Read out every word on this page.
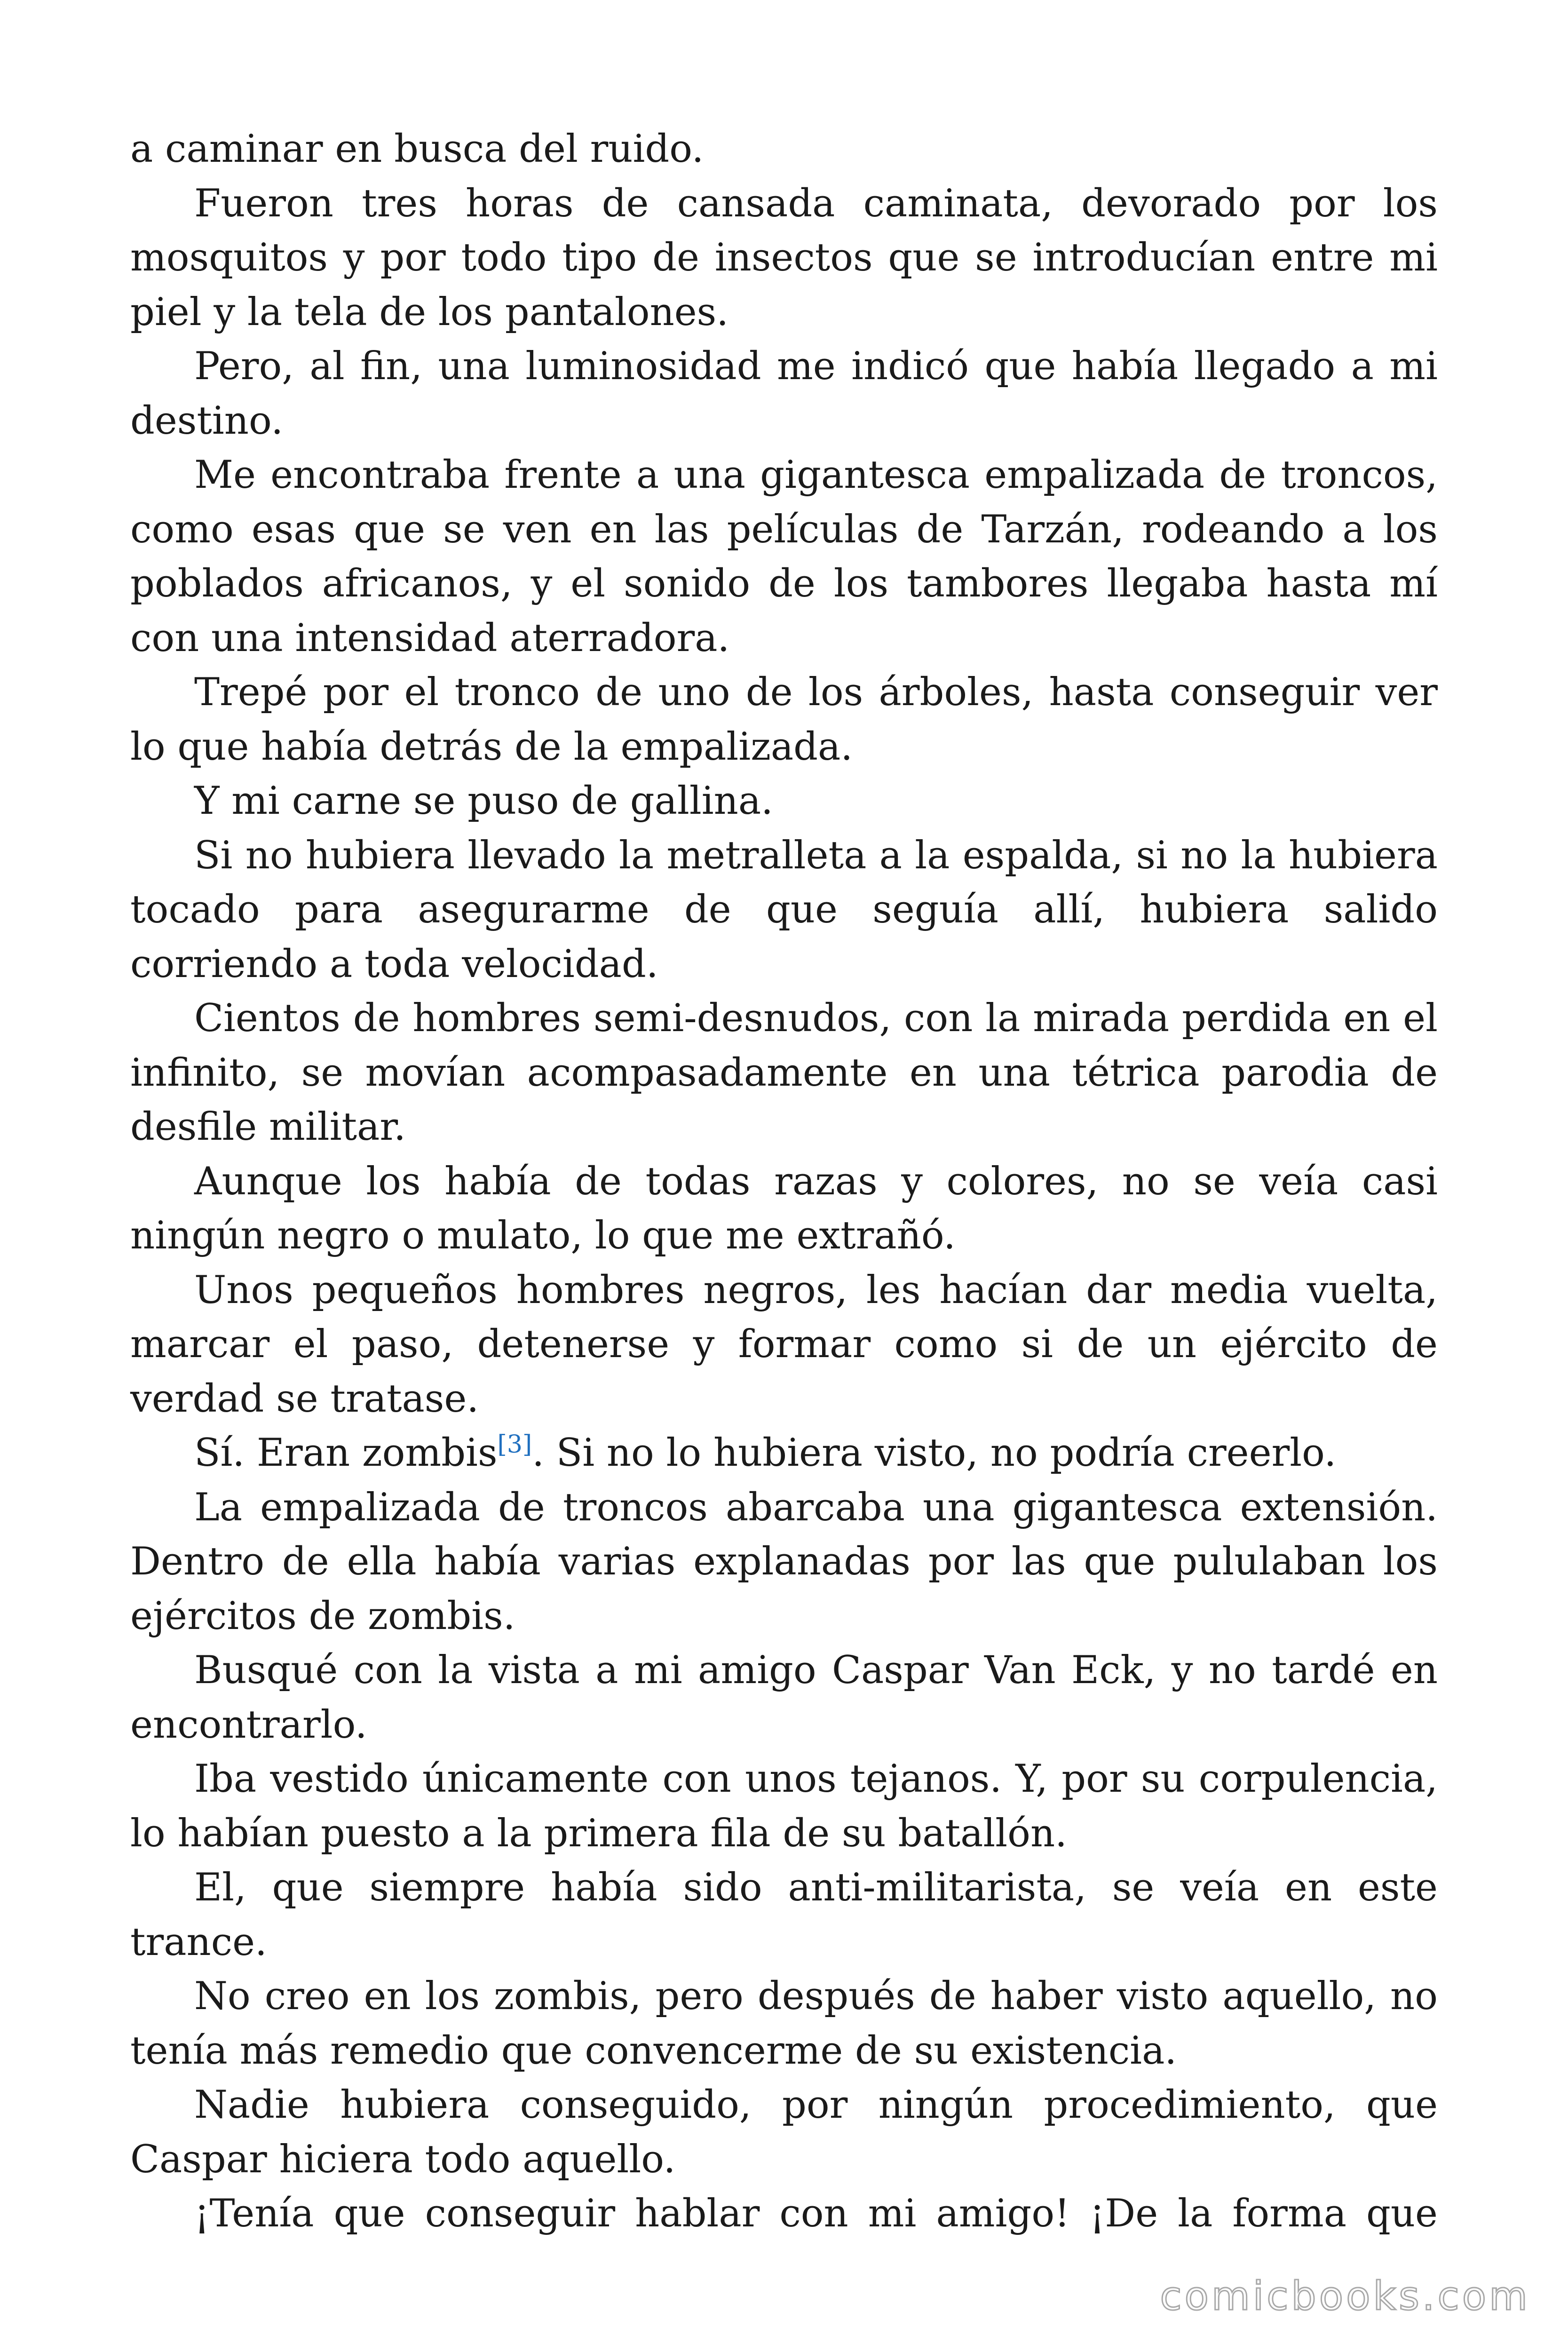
a caminar en busca del ruido.

Fueron tres horas de cansada caminata, devorado por los mosquitos y por todo tipo de insectos que se introducían entre mi piel y la tela de los pantalones.

Pero, al fin, una luminosidad me indicó que había llegado a mi destino.

Me encontraba frente a una gigantesca empalizada de troncos, como esas que se ven en las películas de Tarzán, rodeando a los poblados africanos, y el sonido de los tambores llegaba hasta mí con una intensidad aterradora.

Trepé por el tronco de uno de los árboles, hasta conseguir ver lo que había detrás de la empalizada.

Y mi carne se puso de gallina.

Si no hubiera llevado la metralleta a la espalda, si no la hubiera tocado para asegurarme de que seguía allí, hubiera salido corriendo a toda velocidad.

Cientos de hombres semi-desnudos, con la mirada perdida en el infinito, se movían acompasadamente en una tétrica parodia de desfile militar.

Aunque los había de todas razas y colores, no se veía casi ningún negro o mulato, lo que me extrañó.

Unos pequeños hombres negros, les hacían dar media vuelta, marcar el paso, detenerse y formar como si de un ejército de verdad se tratase.

Sí. Eran zombis[3]. Si no lo hubiera visto, no podría creerlo.

La empalizada de troncos abarcaba una gigantesca extensión. Dentro de ella había varias explanadas por las que pululaban los ejércitos de zombis.

Busqué con la vista a mi amigo Caspar Van Eck, y no tardé en encontrarlo.

Iba vestido únicamente con unos tejanos. Y, por su corpulencia, lo habían puesto a la primera fila de su batallón.

El, que siempre había sido anti-militarista, se veía en este trance.

No creo en los zombis, pero después de haber visto aquello, no tenía más remedio que convencerme de su existencia.

Nadie hubiera conseguido, por ningún procedimiento, que Caspar hiciera todo aquello.

¡Tenía que conseguir hablar con mi amigo! ¡De la forma que

comicbooks.com
